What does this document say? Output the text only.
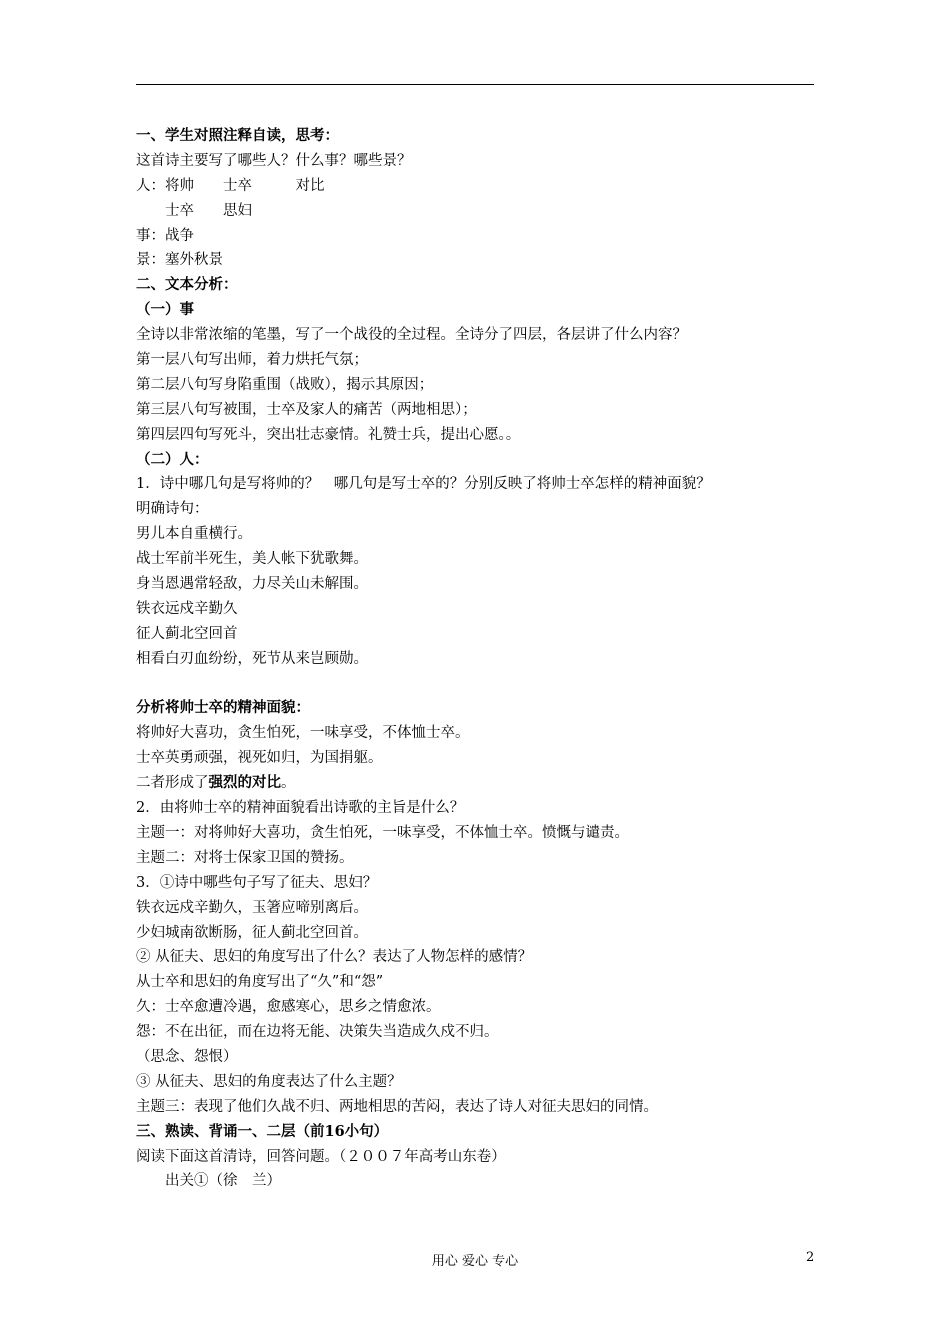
一、学生对照注释自读，思考：
这首诗主要写了哪些人？什么事？哪些景？
人：将帅　　士卒　　　对比
　　士卒　　思妇
事：战争
景：塞外秋景
二、文本分析：
（一）事
全诗以非常浓缩的笔墨，写了一个战役的全过程。全诗分了四层，各层讲了什么内容？
第一层八句写出师，着力烘托气氛；
第二层八句写身陷重围（战败），揭示其原因；
第三层八句写被围，士卒及家人的痛苦（两地相思）；
第四层四句写死斗，突出壮志豪情。礼赞士兵，提出心愿。。
（二）人：
1．诗中哪几句是写将帅的？　哪几句是写士卒的？分别反映了将帅士卒怎样的精神面貌？
明确诗句：
男儿本自重横行。
战士军前半死生，美人帐下犹歌舞。
身当恩遇常轻敌，力尽关山未解围。
铁衣远戍辛勤久
征人蓟北空回首
相看白刃血纷纷，死节从来岂顾勋。
分析将帅士卒的精神面貌：
将帅好大喜功，贪生怕死，一味享受，不体恤士卒。
士卒英勇顽强，视死如归，为国捐躯。
二者形成了强烈的对比。
2．由将帅士卒的精神面貌看出诗歌的主旨是什么？
主题一：对将帅好大喜功，贪生怕死，一味享受，不体恤士卒。愤慨与谴责。
主题二：对将士保家卫国的赞扬。
3．①诗中哪些句子写了征夫、思妇？
铁衣远戍辛勤久，玉箸应啼别离后。
少妇城南欲断肠，征人蓟北空回首。
② 从征夫、思妇的角度写出了什么？表达了人物怎样的感情？
从士卒和思妇的角度写出了“久”和“怨”
久：士卒愈遭冷遇，愈感寒心，思乡之情愈浓。
怨：不在出征，而在边将无能、决策失当造成久戍不归。
（思念、怨恨）
③ 从征夫、思妇的角度表达了什么主题？
主题三：表现了他们久战不归、两地相思的苦闷，表达了诗人对征夫思妇的同情。
三、熟读、背诵一、二层（前16小句）
阅读下面这首清诗，回答问题。（２００７年高考山东卷）
　　出关①（徐　兰）
用心 爱心 专心	2
